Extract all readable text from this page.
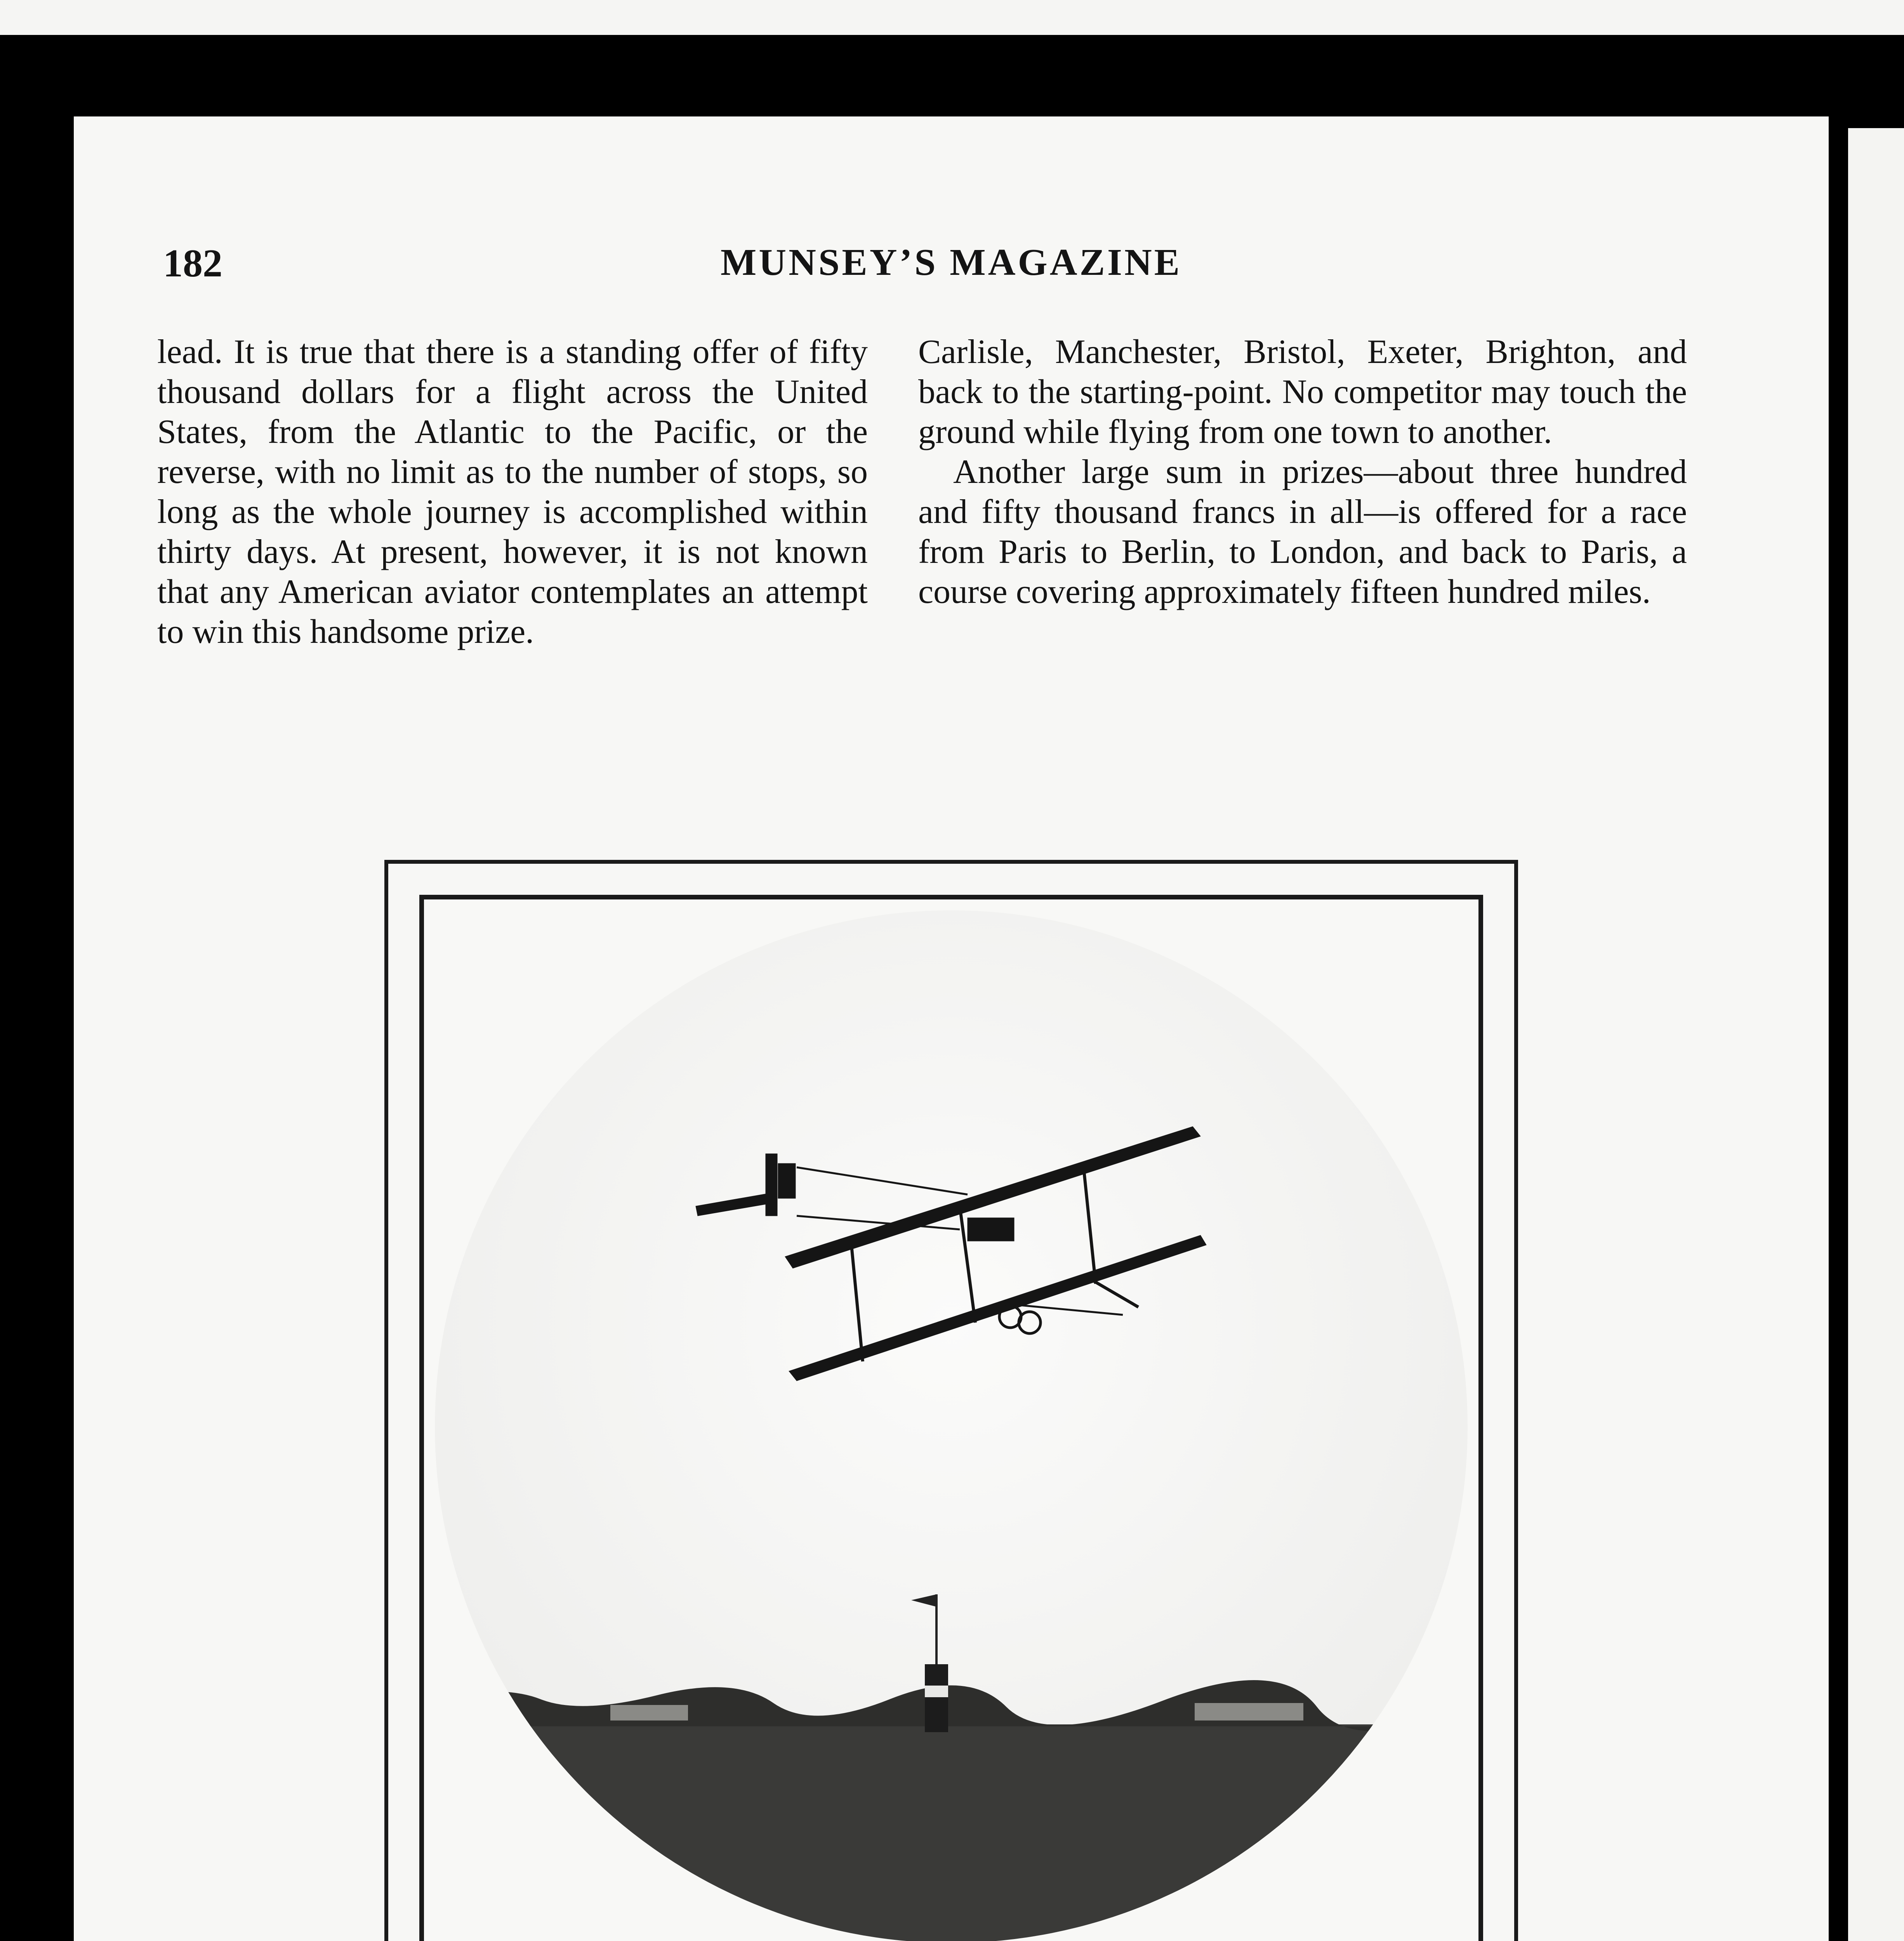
MUNSEY’S MAGAZINE
182

lead. It is true that there is a standing offer of fifty thousand dollars for a flight across the United States, from the Atlantic to the Pacific, or the reverse, with no limit as to the number of stops, so long as the whole journey is accomplished within thirty days. At present, however, it is not known that any American aviator contemplates an attempt to win this handsome prize.

Carlisle, Manchester, Bristol, Exeter, Brighton, and back to the starting-point. No competitor may touch the ground while flying from one town to another.

Another large sum in prizes—about three hundred and fifty thousand francs in all—is offered for a race from Paris to Berlin, to London, and back to Paris, a course covering approximately fifteen hundred miles.
